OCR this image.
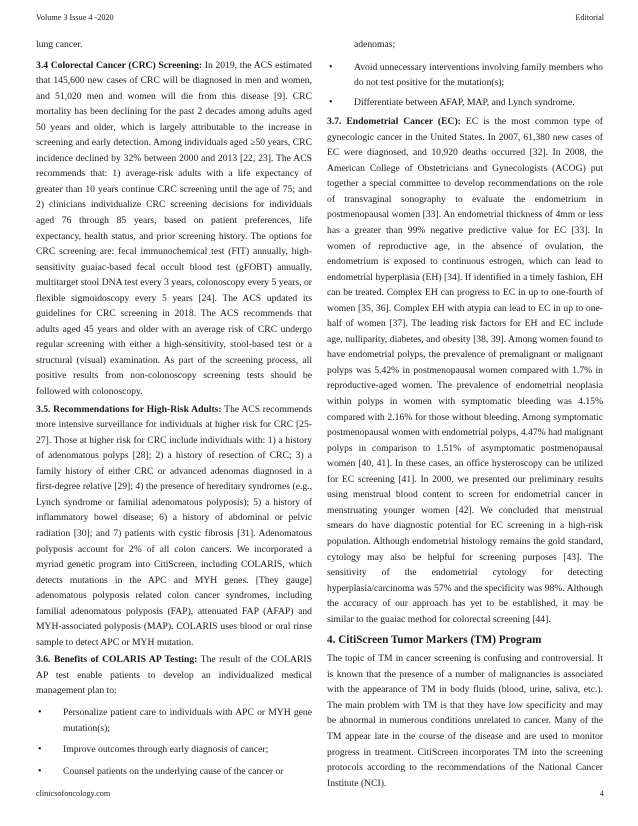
Volume 3 Issue 4 -2020	Editorial

lung cancer.

3.4 Colorectal Cancer (CRC) Screening: In 2019, the ACS estimated that 145,600 new cases of CRC will be diagnosed in men and women, and 51,020 men and women will die from this disease [9]. CRC mortality has been declining for the past 2 decades among adults aged 50 years and older, which is largely attributable to the increase in screening and early detection. Among individuals aged ≥50 years, CRC incidence declined by 32% between 2000 and 2013 [22, 23]. The ACS recommends that: 1) average-risk adults with a life expectancy of greater than 10 years continue CRC screening until the age of 75; and 2) clinicians individualize CRC screening decisions for individuals aged 76 through 85 years, based on patient preferences, life expectancy, health status, and prior screening history. The options for CRC screening are: fecal immunochemical test (FIT) annually, high-sensitivity guaiac-based fecal occult blood test (gFOBT) annually, multitarget stool DNA test every 3 years, colonoscopy every 5 years, or flexible sigmoidoscopy every 5 years [24]. The ACS updated its guidelines for CRC screening in 2018. The ACS recommends that adults aged 45 years and older with an average risk of CRC undergo regular screening with either a high-sensitivity, stool-based test or a structural (visual) examination. As part of the screening process, all positive results from non-colonoscopy screening tests should be followed with colonoscopy.

3.5. Recommendations for High-Risk Adults: The ACS recommends more intensive surveillance for individuals at higher risk for CRC [25-27]. Those at higher risk for CRC include individuals with: 1) a history of adenomatous polyps [28]; 2) a history of resection of CRC; 3) a family history of either CRC or advanced adenomas diagnosed in a first-degree relative [29]; 4) the presence of hereditary syndromes (e.g., Lynch syndrome or familial adenomatous polyposis); 5) a history of inflammatory bowel disease; 6) a history of abdominal or pelvic radiation [30]; and 7) patients with cystic fibrosis [31]. Adenomatous polyposis account for 2% of all colon cancers. We incorporated a myriad genetic program into CitiScreen, including COLARIS, which detects mutations in the APC and MYH genes. [They gauge] adenomatous polyposis related colon cancer syndromes, including familial adenomatous polyposis (FAP), attenuated FAP (AFAP) and MYH-associated polyposis (MAP). COLARIS uses blood or oral rinse sample to detect APC or MYH mutation.

3.6. Benefits of COLARIS AP Testing: The result of the COLARIS AP test enable patients to develop an individualized medical management plan to:

• Personalize patient care to individuals with APC or MYH gene mutation(s);
• Improve outcomes through early diagnosis of cancer;
• Counsel patients on the underlying cause of the cancer or
adenomas;
• Avoid unnecessary interventions involving family members who do not test positive for the mutation(s);
• Differentiate between AFAP, MAP, and Lynch syndrome.

3.7. Endometrial Cancer (EC): EC is the most common type of gynecologic cancer in the United States. In 2007, 61,380 new cases of EC were diagnosed, and 10,920 deaths occurred [32]. In 2008, the American College of Obstetricians and Gynecologists (ACOG) put together a special committee to develop recommendations on the role of transvaginal sonography to evaluate the endometrium in postmenopausal women [33]. An endometrial thickness of 4mm or less has a greater than 99% negative predictive value for EC [33]. In women of reproductive age, in the absence of ovulation, the endometrium is exposed to continuous estrogen, which can lead to endometrial hyperplasia (EH) [34]. If identified in a timely fashion, EH can be treated. Complex EH can progress to EC in up to one-fourth of women [35, 36]. Complex EH with atypia can lead to EC in up to one-half of women [37]. The leading risk factors for EH and EC include age, nulliparity, diabetes, and obesity [38, 39]. Among women found to have endometrial polyps, the prevalence of premalignant or malignant polyps was 5.42% in postmenopausal women compared with 1.7% in reproductive-aged women. The prevalence of endometrial neoplasia within polyps in women with symptomatic bleeding was 4.15% compared with 2.16% for those without bleeding. Among symptomatic postmenopausal women with endometrial polyps, 4.47% had malignant polyps in comparison to 1.51% of asymptomatic postmenopausal women [40, 41]. In these cases, an office hysteroscopy can be utilized for EC screening [41]. In 2000, we presented our preliminary results using menstrual blood content to screen for endometrial cancer in menstruating younger women [42]. We concluded that menstrual smears do have diagnostic potential for EC screening in a high-risk population. Although endometrial histology remains the gold standard, cytology may also be helpful for screening purposes [43]. The sensitivity of the endometrial cytology for detecting hyperplasia/carcinoma was 57% and the specificity was 98%. Although the accuracy of our approach has yet to be established, it may be similar to the guaiac method for colorectal screening [44].

4. CitiScreen Tumor Markers (TM) Program

The topic of TM in cancer screening is confusing and controversial. It is known that the presence of a number of malignancies is associated with the appearance of TM in body fluids (blood, urine, saliva, etc.). The main problem with TM is that they have low specificity and may be abnormal in numerous conditions unrelated to cancer. Many of the TM appear late in the course of the disease and are used to monitor progress in treatment. CitiScreen incorporates TM into the screening protocols according to the recommendations of the National Cancer Institute (NCI).

clinicsofoncology.com	4
